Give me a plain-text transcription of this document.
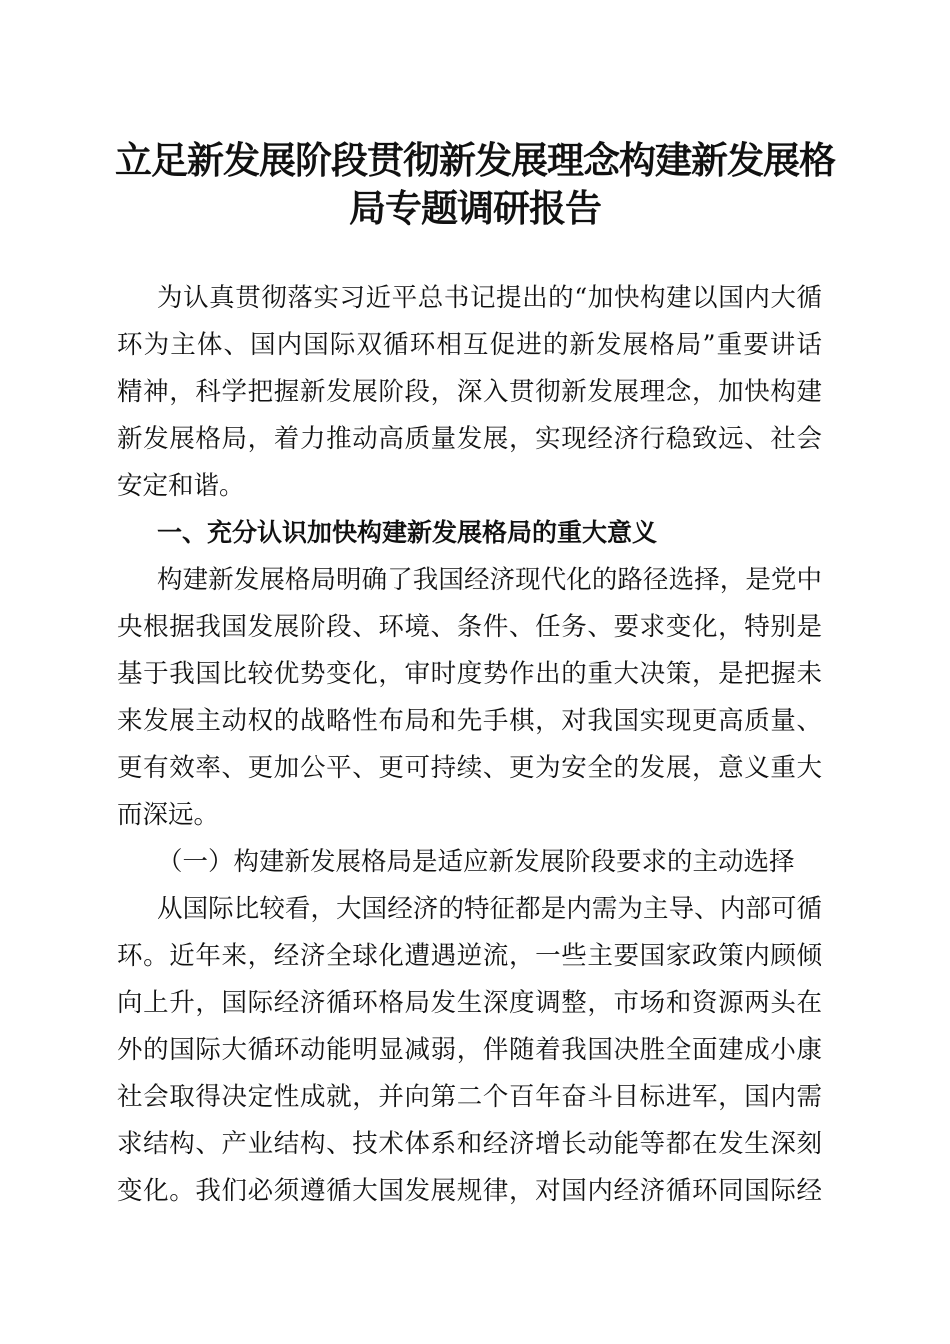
立足新发展阶段贯彻新发展理念构建新发展格
局专题调研报告
为认真贯彻落实习近平总书记提出的“加快构建以国内大循
环为主体、国内国际双循环相互促进的新发展格局”重要讲话
精神，科学把握新发展阶段，深入贯彻新发展理念，加快构建
新发展格局，着力推动高质量发展，实现经济行稳致远、社会
安定和谐。
一、充分认识加快构建新发展格局的重大意义
构建新发展格局明确了我国经济现代化的路径选择，是党中
央根据我国发展阶段、环境、条件、任务、要求变化，特别是
基于我国比较优势变化，审时度势作出的重大决策，是把握未
来发展主动权的战略性布局和先手棋，对我国实现更高质量、
更有效率、更加公平、更可持续、更为安全的发展，意义重大
而深远。
（一）构建新发展格局是适应新发展阶段要求的主动选择
从国际比较看，大国经济的特征都是内需为主导、内部可循
环。近年来，经济全球化遭遇逆流，一些主要国家政策内顾倾
向上升，国际经济循环格局发生深度调整，市场和资源两头在
外的国际大循环动能明显减弱，伴随着我国决胜全面建成小康
社会取得决定性成就，并向第二个百年奋斗目标进军，国内需
求结构、产业结构、技术体系和经济增长动能等都在发生深刻
变化。我们必须遵循大国发展规律，对国内经济循环同国际经
